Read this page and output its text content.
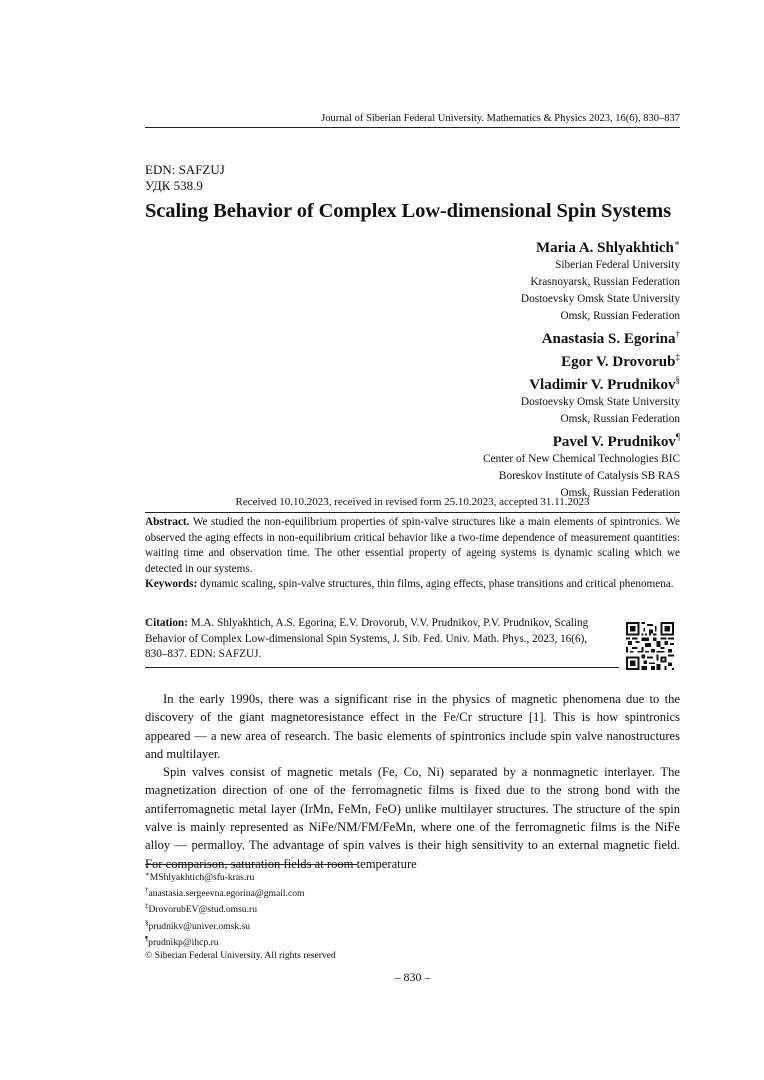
Journal of Siberian Federal University. Mathematics & Physics 2023, 16(6), 830–837
EDN: SAFZUJ
УДК 538.9
Scaling Behavior of Complex Low-dimensional Spin Systems
Maria A. Shlyakhtich∗
Siberian Federal University
Krasnoyarsk, Russian Federation
Dostoevsky Omsk State University
Omsk, Russian Federation
Anastasia S. Egorina†
Egor V. Drovorub‡
Vladimir V. Prudnikov§
Dostoevsky Omsk State University
Omsk, Russian Federation
Pavel V. Prudnikov¶
Center of New Chemical Technologies BIC
Boreskov Institute of Catalysis SB RAS
Omsk, Russian Federation
Received 10.10.2023, received in revised form 25.10.2023, accepted 31.11.2023
Abstract. We studied the non-equilibrium properties of spin-valve structures like a main elements of spintronics. We observed the aging effects in non-equilibrium critical behavior like a two-time dependence of measurement quantities: waiting time and observation time. The other essential property of ageing systems is dynamic scaling which we detected in our systems.
Keywords: dynamic scaling, spin-valve structures, thin films, aging effects, phase transitions and critical phenomena.
Citation: M.A. Shlyakhtich, A.S. Egorina, E.V. Drovorub, V.V. Prudnikov, P.V. Prudnikov, Scaling Behavior of Complex Low-dimensional Spin Systems, J. Sib. Fed. Univ. Math. Phys., 2023, 16(6), 830–837. EDN: SAFZUJ.

In the early 1990s, there was a significant rise in the physics of magnetic phenomena due to the discovery of the giant magnetoresistance effect in the Fe/Cr structure [1]. This is how spintronics appeared — a new area of research. The basic elements of spintronics include spin valve nanostructures and multilayer.

Spin valves consist of magnetic metals (Fe, Co, Ni) separated by a nonmagnetic interlayer. The magnetization direction of one of the ferromagnetic films is fixed due to the strong bond with the antiferromagnetic metal layer (IrMn, FeMn, FeO) unlike multilayer structures. The structure of the spin valve is mainly represented as NiFe/NM/FM/FeMn, where one of the ferromagnetic films is the NiFe alloy — permalloy. The advantage of spin valves is their high sensitivity to an external magnetic field. For comparison, saturation fields at room temperature

∗MShlyakhtich@sfu-kras.ru
†anastasia.sergeevna.egorina@gmail.com
‡DrovorubEV@stud.omsu.ru
§prudnikv@univer.omsk.su
¶prudnikp@ihcp.ru
© Siberian Federal University. All rights reserved
– 830 –
